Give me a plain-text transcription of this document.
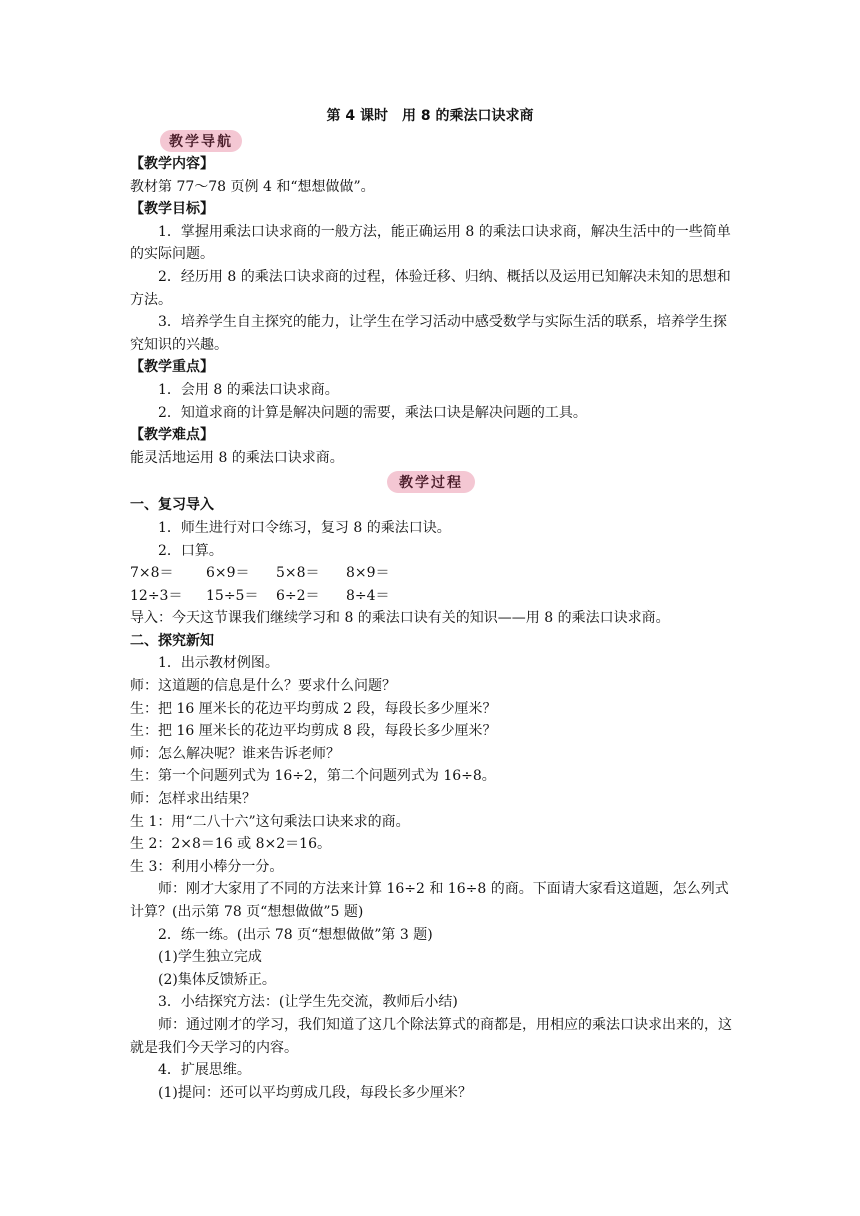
第 4 课时　用 8 的乘法口诀求商
教学导航
【教学内容】
教材第 77～78 页例 4 和“想想做做”。
【教学目标】
1．掌握用乘法口诀求商的一般方法，能正确运用 8 的乘法口诀求商，解决生活中的一些简单的实际问题。
2．经历用 8 的乘法口诀求商的过程，体验迁移、归纳、概括以及运用已知解决未知的思想和方法。
3．培养学生自主探究的能力，让学生在学习活动中感受数学与实际生活的联系，培养学生探究知识的兴趣。
【教学重点】
1．会用 8 的乘法口诀求商。
2．知道求商的计算是解决问题的需要，乘法口诀是解决问题的工具。
【教学难点】
能灵活地运用 8 的乘法口诀求商。
教学过程
一、复习导入
1．师生进行对口令练习，复习 8 的乘法口诀。
2．口算。
7×8＝	6×9＝	5×8＝	8×9＝
12÷3＝	15÷5＝	6÷2＝	8÷4＝
导入：今天这节课我们继续学习和 8 的乘法口诀有关的知识——用 8 的乘法口诀求商。
二、探究新知
1．出示教材例图。
师：这道题的信息是什么？要求什么问题？
生：把 16 厘米长的花边平均剪成 2 段，每段长多少厘米？
生：把 16 厘米长的花边平均剪成 8 段，每段长多少厘米？
师：怎么解决呢？谁来告诉老师？
生：第一个问题列式为 16÷2，第二个问题列式为 16÷8。
师：怎样求出结果？
生 1：用“二八十六”这句乘法口诀来求的商。
生 2：2×8＝16 或 8×2＝16。
生 3：利用小棒分一分。
师：刚才大家用了不同的方法来计算 16÷2 和 16÷8 的商。下面请大家看这道题，怎么列式计算？(出示第 78 页“想想做做”5 题)
2．练一练。(出示 78 页“想想做做”第 3 题)
(1)学生独立完成
(2)集体反馈矫正。
3．小结探究方法：(让学生先交流，教师后小结)
师：通过刚才的学习，我们知道了这几个除法算式的商都是，用相应的乘法口诀求出来的，这就是我们今天学习的内容。
4．扩展思维。
(1)提问：还可以平均剪成几段，每段长多少厘米？
